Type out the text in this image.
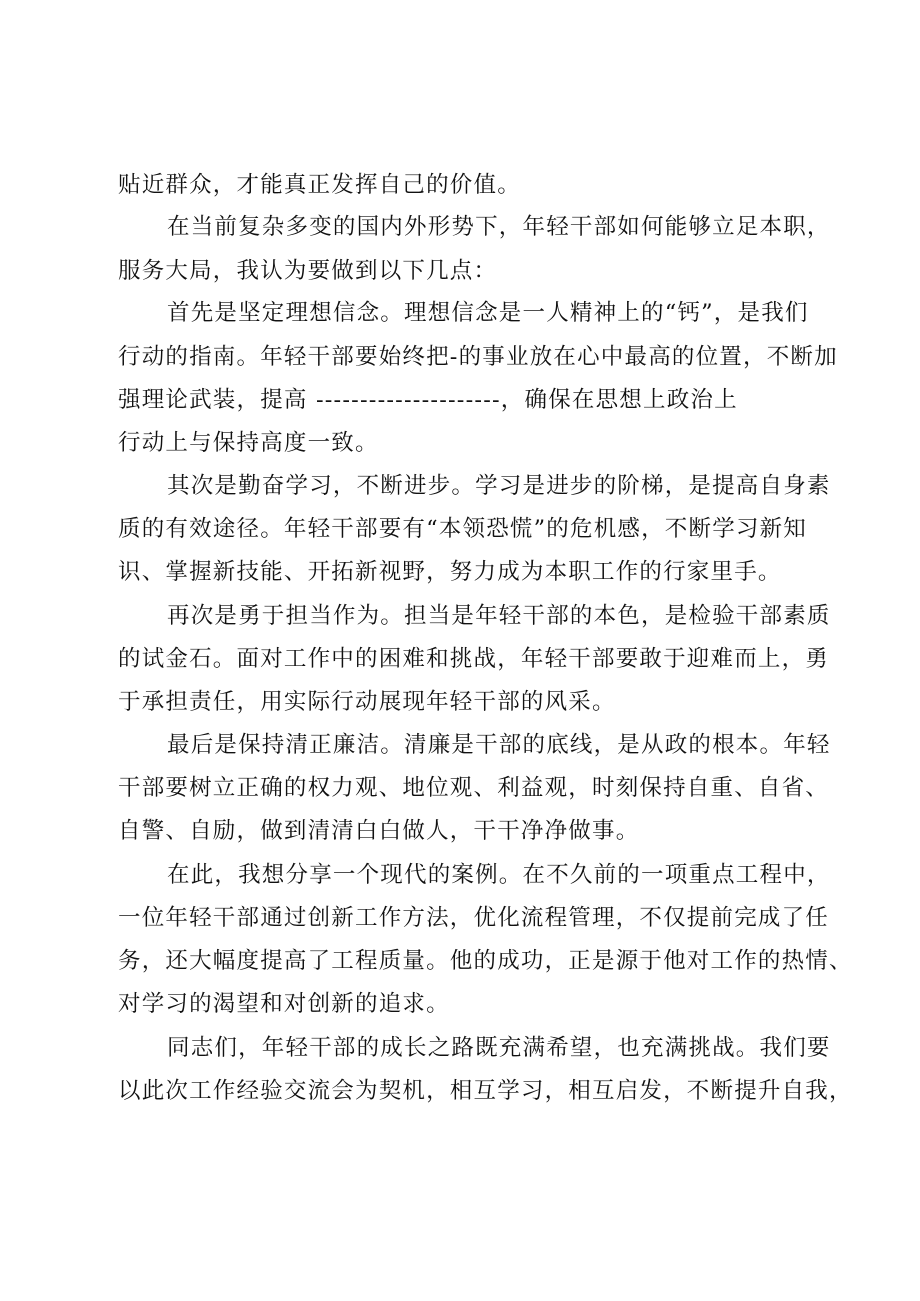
贴近群众，才能真正发挥自己的价值。
在当前复杂多变的国内外形势下，年轻干部如何能够立足本职，
服务大局，我认为要做到以下几点：
首先是坚定理想信念。理想信念是一人精神上的“钙”，是我们
行动的指南。年轻干部要始终把-的事业放在心中最高的位置，不断加
强理论武装，提高 ---------------------，确保在思想上政治上
行动上与保持高度一致。
其次是勤奋学习，不断进步。学习是进步的阶梯，是提高自身素
质的有效途径。年轻干部要有“本领恐慌”的危机感，不断学习新知
识、掌握新技能、开拓新视野，努力成为本职工作的行家里手。
再次是勇于担当作为。担当是年轻干部的本色，是检验干部素质
的试金石。面对工作中的困难和挑战，年轻干部要敢于迎难而上，勇
于承担责任，用实际行动展现年轻干部的风采。
最后是保持清正廉洁。清廉是干部的底线，是从政的根本。年轻
干部要树立正确的权力观、地位观、利益观，时刻保持自重、自省、
自警、自励，做到清清白白做人，干干净净做事。
在此，我想分享一个现代的案例。在不久前的一项重点工程中，
一位年轻干部通过创新工作方法，优化流程管理，不仅提前完成了任
务，还大幅度提高了工程质量。他的成功，正是源于他对工作的热情、
对学习的渴望和对创新的追求。
同志们，年轻干部的成长之路既充满希望，也充满挑战。我们要
以此次工作经验交流会为契机，相互学习，相互启发，不断提升自我，
